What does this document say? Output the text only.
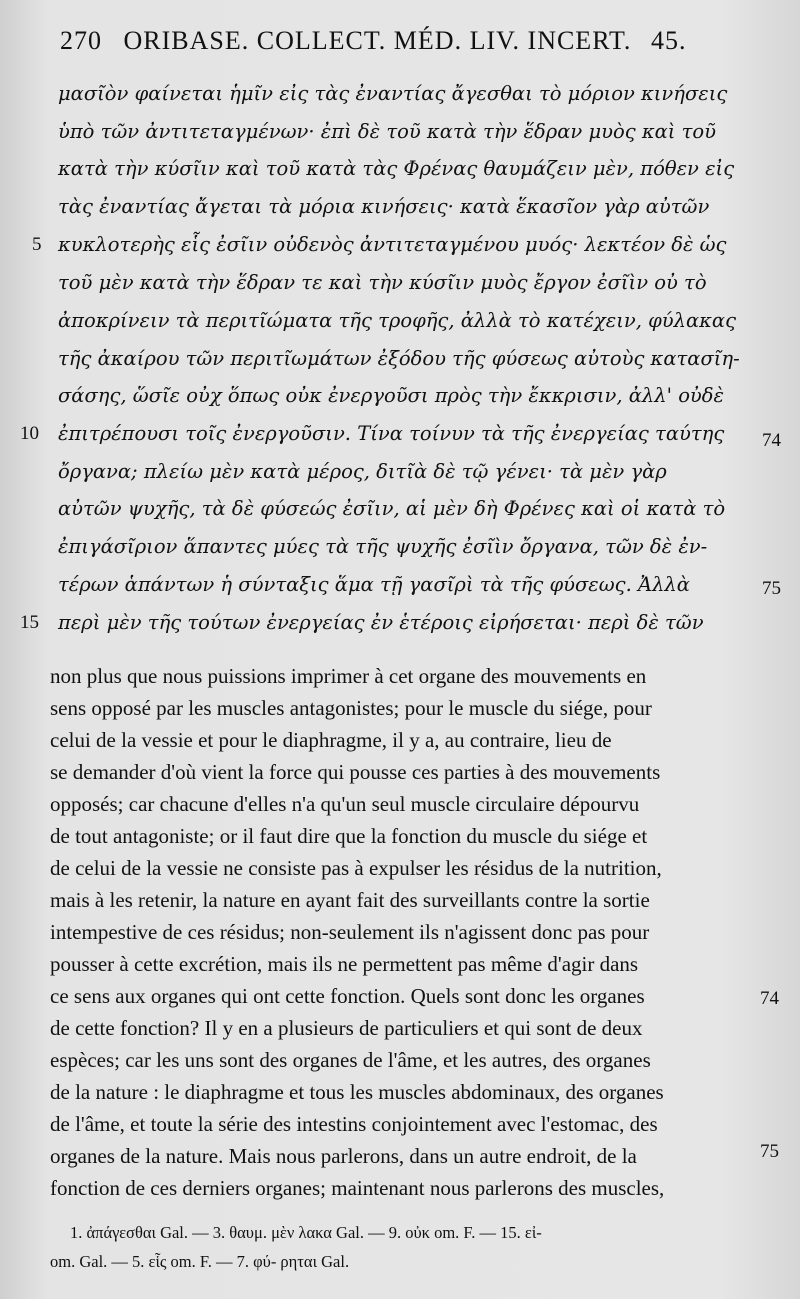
270 ORIBASE. COLLECT. MÉD. LIV. INCERT. 45.
μασῖὸν φαίνεται ἡμῖν εἰς τὰς ἐναντίας ἄγεσθαι τὸ μόριον κινήσεις
ὑπὸ τῶν ἀντιτεταγμένων· ἐπὶ δὲ τοῦ κατὰ τὴν ἕδραν μυὸς καὶ τοῦ
κατὰ τὴν κύσῖιν καὶ τοῦ κατὰ τὰς Φρένας θαυμάζειν μὲν, πόθεν εἰς
τὰς ἐναντίας ἄγεται τὰ μόρια κινήσεις· κατὰ ἕκασῖον γὰρ αὐτῶν
κυκλοτερὴς εἷς ἐσῖιν οὐδενὸς ἀντιτεταγμένου μυός· λεκτέον δὲ ὡς
τοῦ μὲν κατὰ τὴν ἕδραν τε καὶ τὴν κύσῖιν μυὸς ἔργον ἐσῖὶν οὐ τὸ
ἀποκρίνειν τὰ περιτῖώματα τῆς τροφῆς, ἀλλὰ τὸ κατέχειν, φύλακας
τῆς ἀκαίρου τῶν περιτῖωμάτων ἐξόδου τῆς φύσεως αὐτοὺς κατασῖη-
σάσης, ὥσῖε οὐχ ὅπως οὐκ ἐνεργοῦσι πρὸς τὴν ἔκκρισιν, ἀλλ' οὐδὲ
ἐπιτρέπουσι τοῖς ἐνεργοῦσιν. Τίνα τοίνυν τὰ τῆς ἐνεργείας ταύτης
ὄργανα; πλείω μὲν κατὰ μέρος, διτῖὰ δὲ τῷ γένει· τὰ μὲν γὰρ
αὐτῶν ψυχῆς, τὰ δὲ φύσεώς ἐσῖιν, αἱ μὲν δὴ Φρένες καὶ οἱ κατὰ τὸ
ἐπιγάσῖριον ἅπαντες μύες τὰ τῆς ψυχῆς ἐσῖὶν ὄργανα, τῶν δὲ ἐν-
τέρων ἁπάντων ἡ σύνταξις ἅμα τῇ γασῖρὶ τὰ τῆς φύσεως. Ἀλλὰ
περὶ μὲν τῆς τούτων ἐνεργείας ἐν ἑτέροις εἰρήσεται· περὶ δὲ τῶν
5
10
15
74
75
non plus que nous puissions imprimer à cet organe des mouvements en
sens opposé par les muscles antagonistes; pour le muscle du siége, pour
celui de la vessie et pour le diaphragme, il y a, au contraire, lieu de
se demander d'où vient la force qui pousse ces parties à des mouvements
opposés; car chacune d'elles n'a qu'un seul muscle circulaire dépourvu
de tout antagoniste; or il faut dire que la fonction du muscle du siége et
de celui de la vessie ne consiste pas à expulser les résidus de la nutrition,
mais à les retenir, la nature en ayant fait des surveillants contre la sortie
intempestive de ces résidus; non-seulement ils n'agissent donc pas pour
pousser à cette excrétion, mais ils ne permettent pas même d'agir dans
ce sens aux organes qui ont cette fonction. Quels sont donc les organes
de cette fonction? Il y en a plusieurs de particuliers et qui sont de deux
espèces; car les uns sont des organes de l'âme, et les autres, des organes
de la nature : le diaphragme et tous les muscles abdominaux, des organes
de l'âme, et toute la série des intestins conjointement avec l'estomac, des
organes de la nature. Mais nous parlerons, dans un autre endroit, de la
fonction de ces derniers organes; maintenant nous parlerons des muscles,
74
75
1. ἀπάγεσθαι Gal. — 3. θαυμ. μὲν λακα Gal. — 9. οὐκ om. F. — 15. εἰ-
om. Gal. — 5. εἷς om. F. — 7. φύ- ρηται Gal.
